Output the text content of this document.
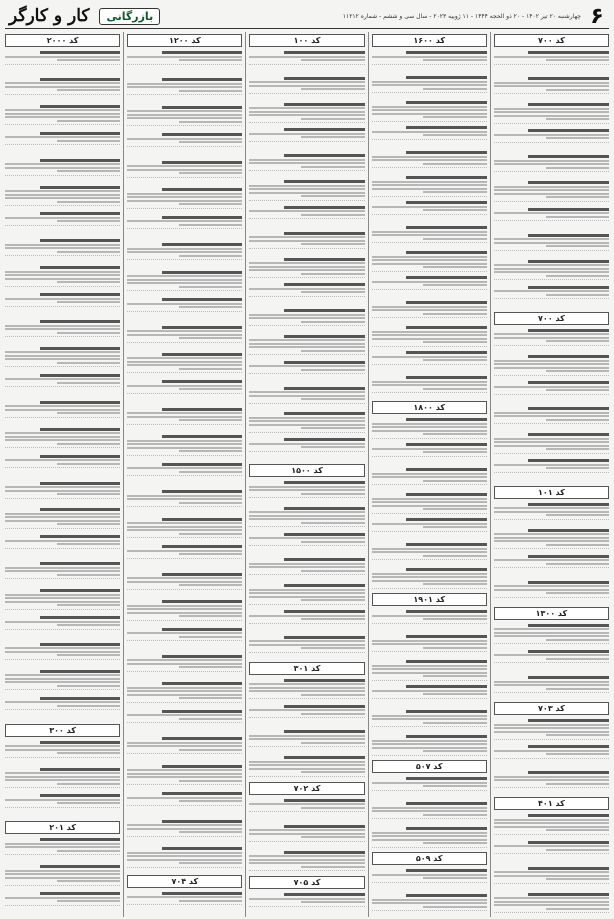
۶
چهارشنبه ۲۰ تیر ۱۴۰۲ - ۲۰ ذو الحجه ۱۴۴۴ - ۱۱ ژوییه ۲۰۲۳ - سال سی و ششم - شماره ۱۱۲۱۲
بازرگانی
کار و کارگر
کد ۷۰۰
کد ۷۰۰
کد ۱۰۱
کد ۱۳۰۰
کد ۷۰۳
کد ۴۰۱
کد ۱۶۰۰
کد ۱۸۰۰
کد ۱۹۰۱
کد ۵۰۷
کد ۵۰۹
کد ۱۰۰
کد ۱۵۰۰
کد ۳۰۱
کد ۷۰۲
کد ۷۰۵
کد ۱۲۰۰
کد ۷۰۴
کد ۲۰۰۰
کد ۳۰۰
کد ۲۰۱
